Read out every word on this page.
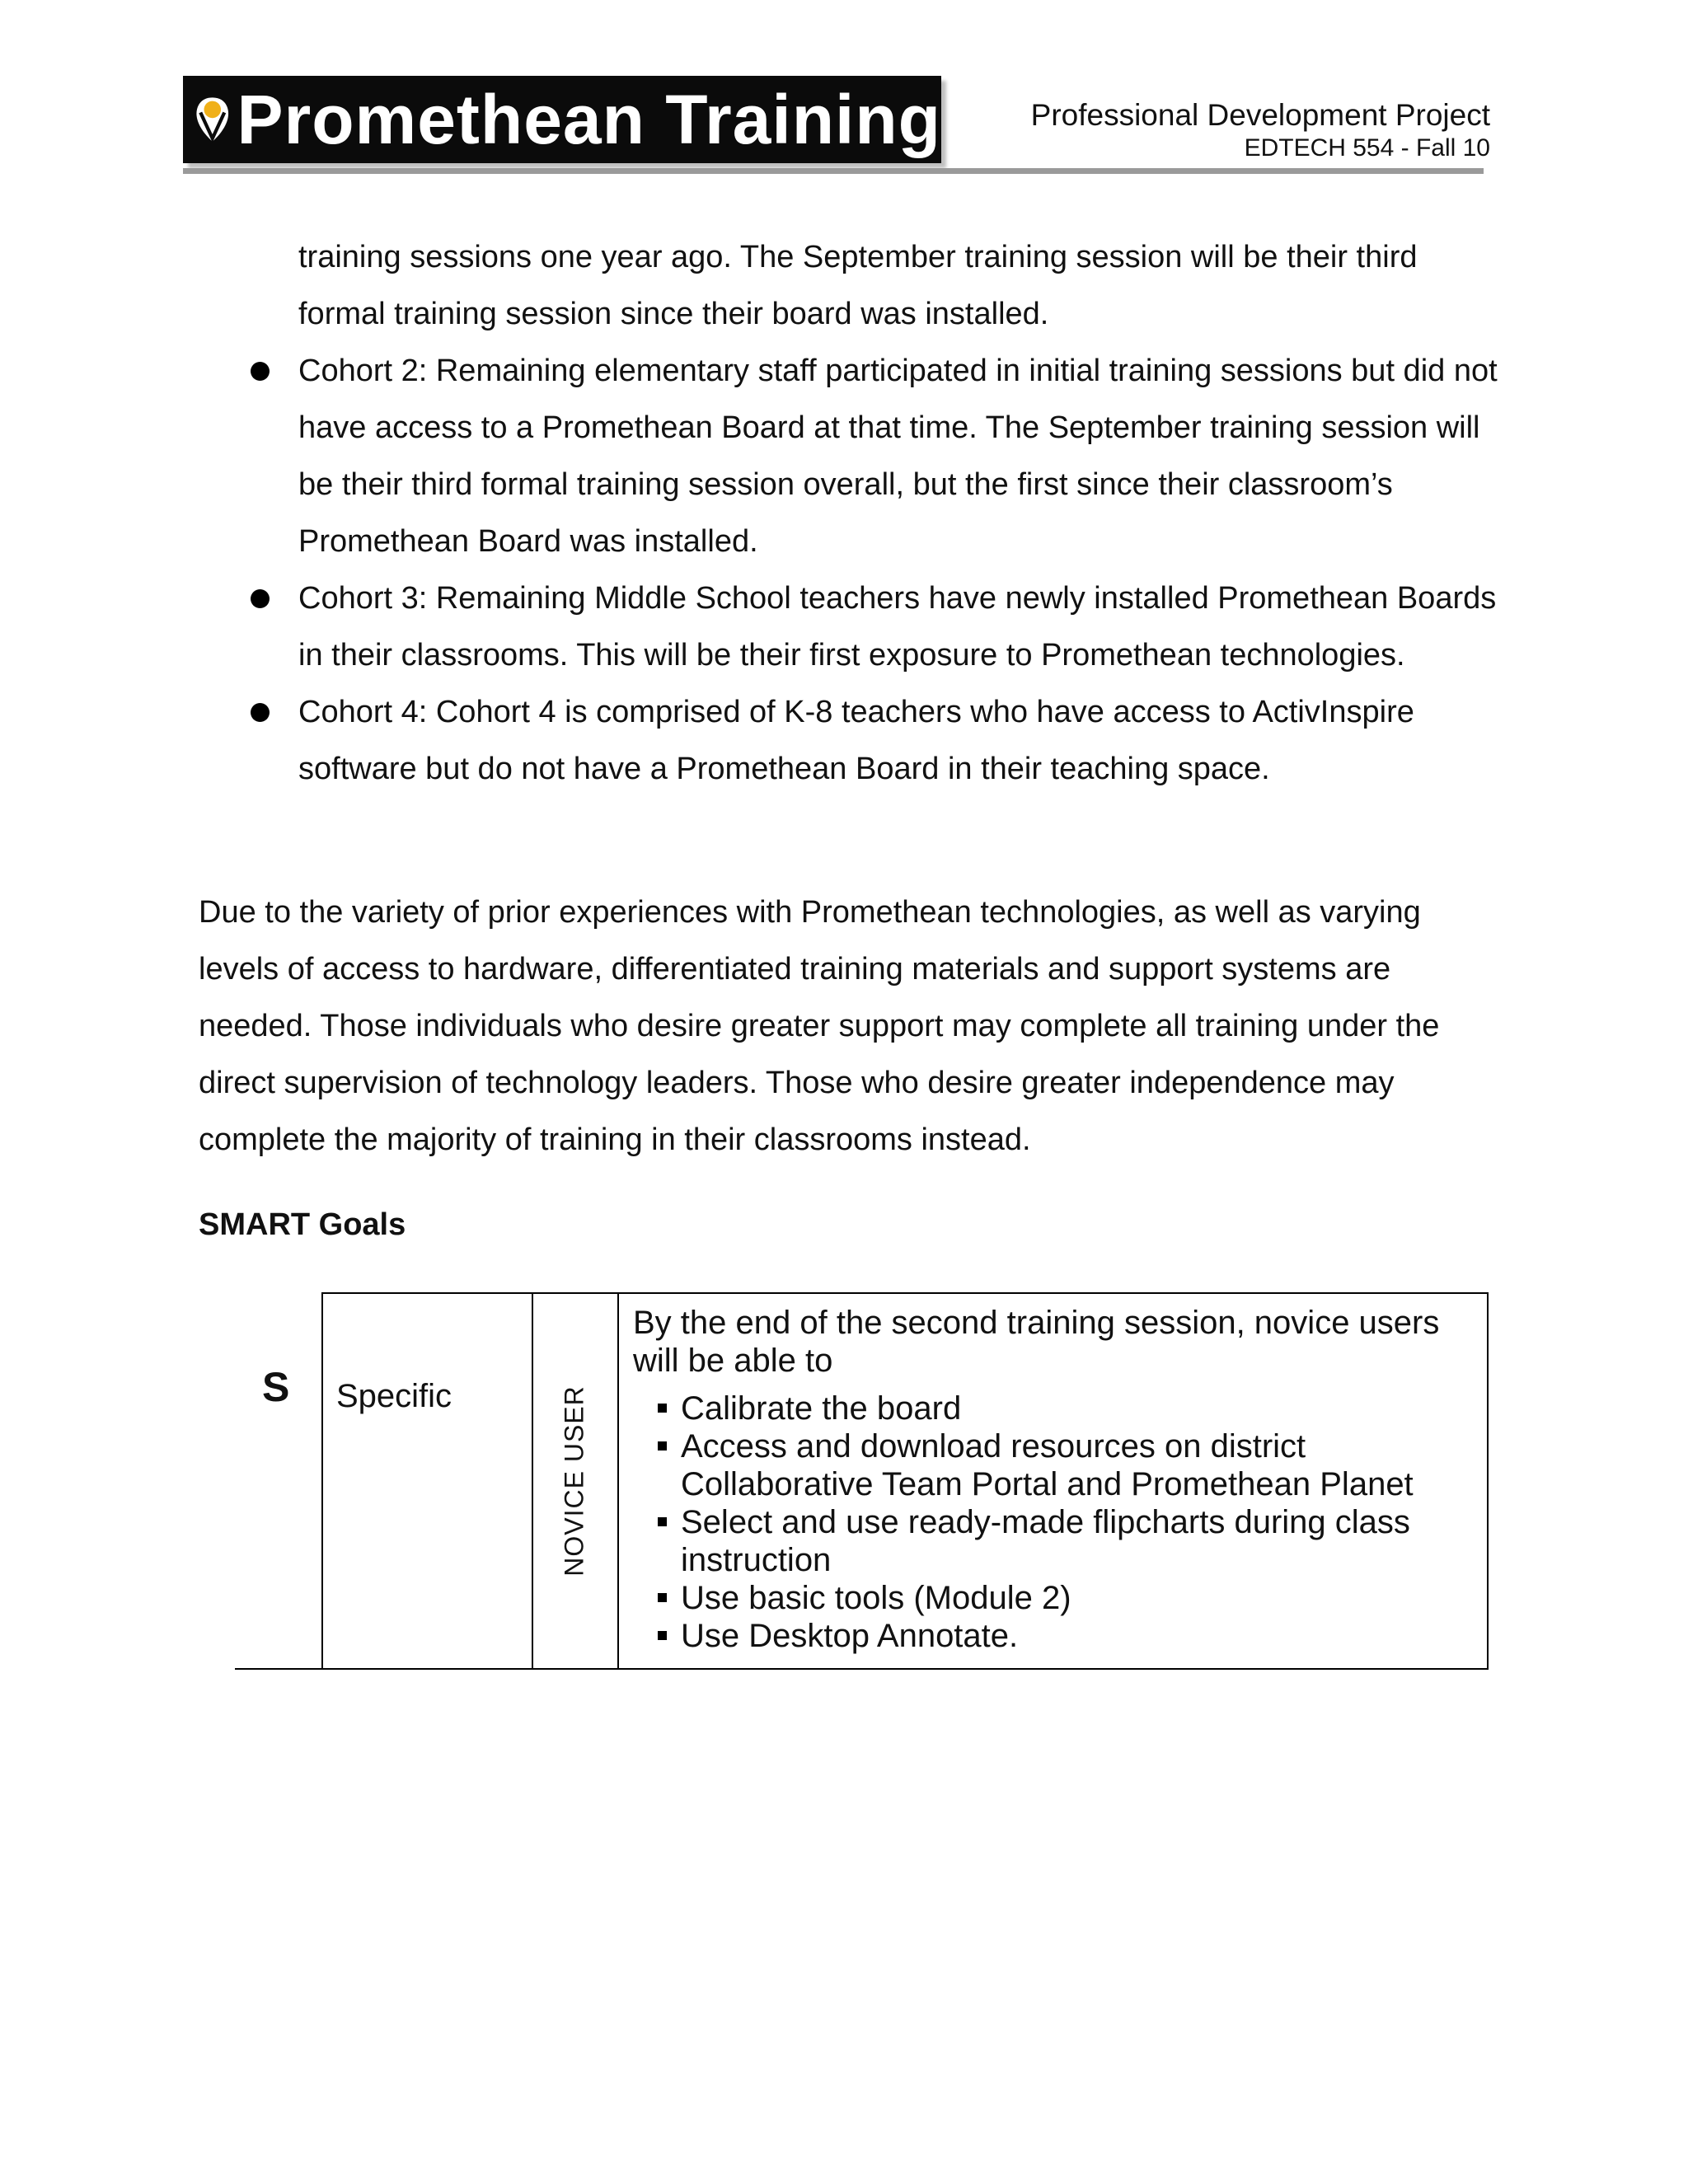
Promethean Training	Professional Development Project
EDTECH 554 - Fall 10
training sessions one year ago. The September training session will be their third formal training session since their board was installed.
Cohort 2: Remaining elementary staff participated in initial training sessions but did not have access to a Promethean Board at that time. The September training session will be their third formal training session overall, but the first since their classroom’s Promethean Board was installed.
Cohort 3: Remaining Middle School teachers have newly installed Promethean Boards in their classrooms. This will be their first exposure to Promethean technologies.
Cohort 4: Cohort 4 is comprised of K-8 teachers who have access to ActivInspire software but do not have a Promethean Board in their teaching space.
Due to the variety of prior experiences with Promethean technologies, as well as varying levels of access to hardware, differentiated training materials and support systems are needed. Those individuals who desire greater support may complete all training under the direct supervision of technology leaders. Those who desire greater independence may complete the majority of training in their classrooms instead.
SMART Goals
S Specific	NOVICE USER
By the end of the second training session, novice users will be able to
Calibrate the board
Access and download resources on district Collaborative Team Portal and Promethean Planet
Select and use ready-made flipcharts during class instruction
Use basic tools (Module 2)
Use Desktop Annotate.
